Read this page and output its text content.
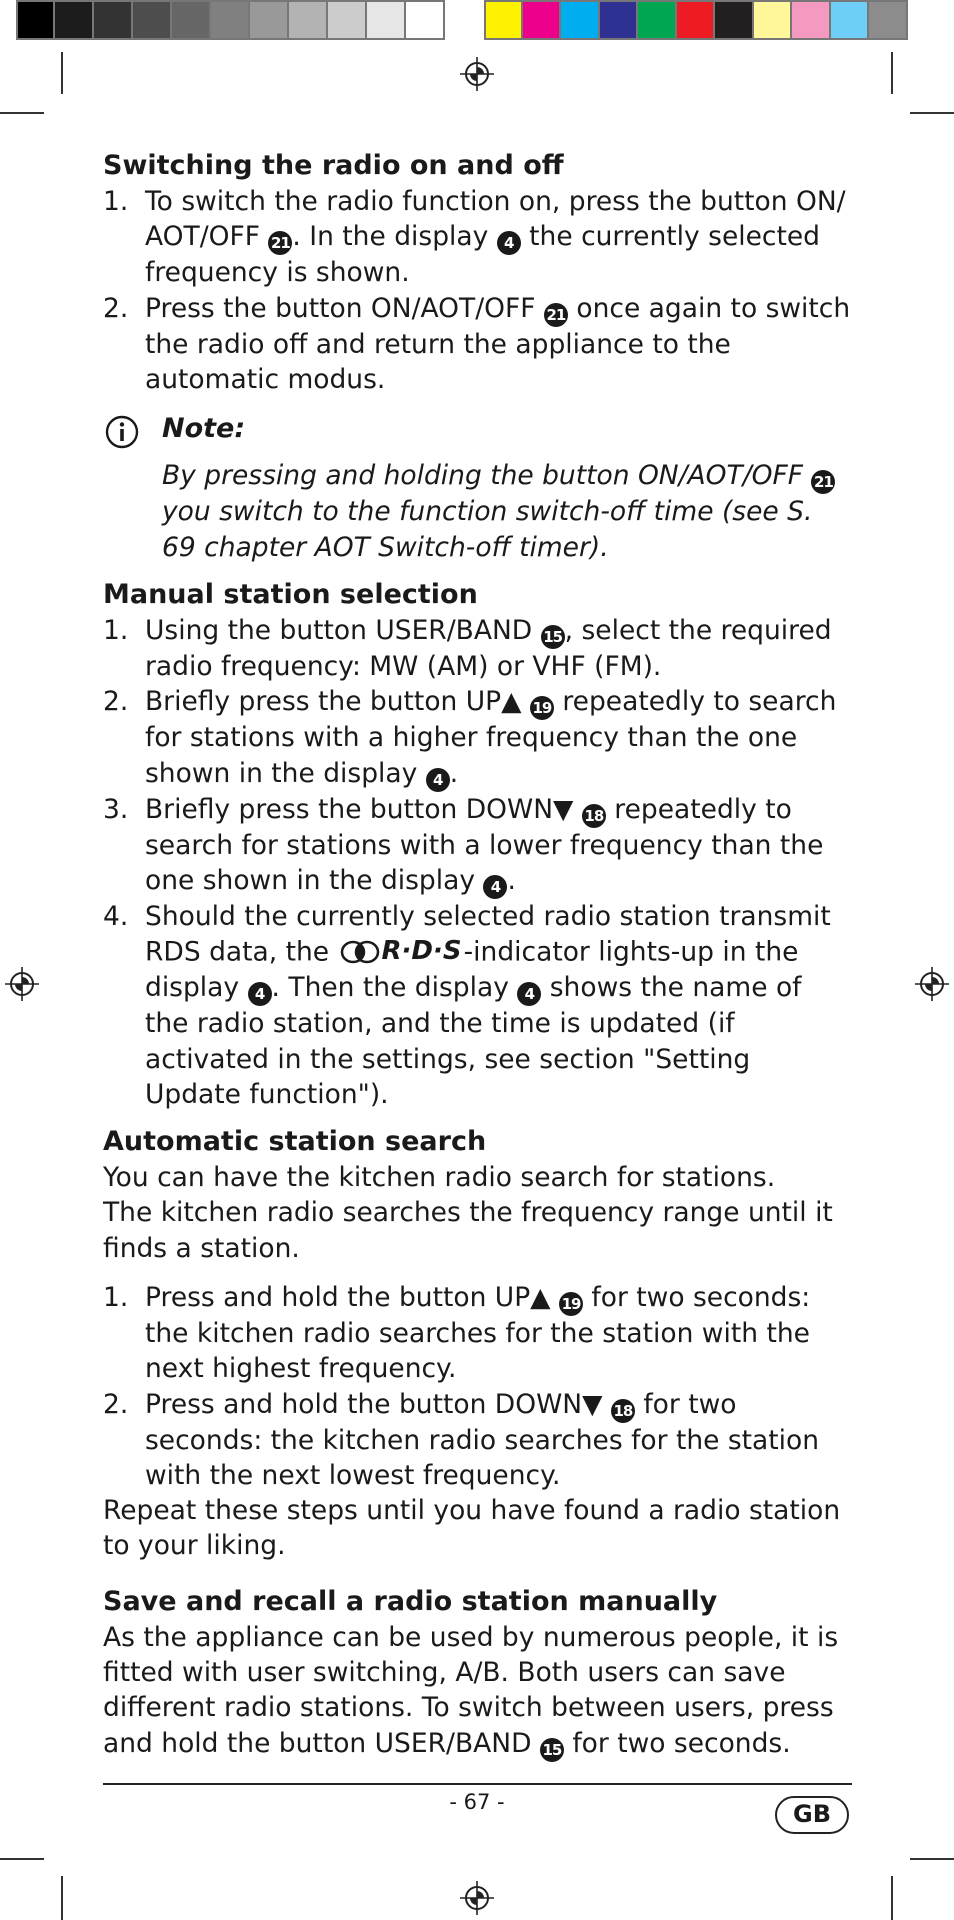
Switching the radio on and off
1. To switch the radio function on, press the button ON/ AOT/OFF 21. In the display 4 the currently selected frequency is shown.
2. Press the button ON/AOT/OFF 21 once again to switch the radio off and return the appliance to the automatic modus.
Note:
By pressing and holding the button ON/AOT/OFF 21 you switch to the function switch-off time (see S. 69 chapter AOT Switch-off timer).
Manual station selection
1. Using the button USER/BAND 15, select the required radio frequency: MW (AM) or VHF (FM).
2. Briefly press the button UP▲ 19 repeatedly to search for stations with a higher frequency than the one shown in the display 4 .
3. Briefly press the button DOWN▼ 18 repeatedly to search for stations with a lower frequency than the one shown in the display 4 .
4. Should the currently selected radio station transmit RDS data, the R·D·S -indicator lights-up in the display 4 . Then the display 4 shows the name of the radio station, and the time is updated (if activated in the settings, see section "Setting Update function").
Automatic station search

You can have the kitchen radio search for stations.

The kitchen radio searches the frequency range until it finds a station.

1. Press and hold the button UP▲ 19 for two seconds: the kitchen radio searches for the station with the next highest frequency.
2. Press and hold the button DOWN▼ 18 for two seconds: the kitchen radio searches for the station with the next lowest frequency.

Repeat these steps until you have found a radio station to your liking.

Save and recall a radio station manually

As the appliance can be used by numerous people, it is fitted with user switching, A/B. Both users can save different radio stations. To switch between users, press and hold the button USER/BAND 15 for two seconds.

- 67 -	GB
